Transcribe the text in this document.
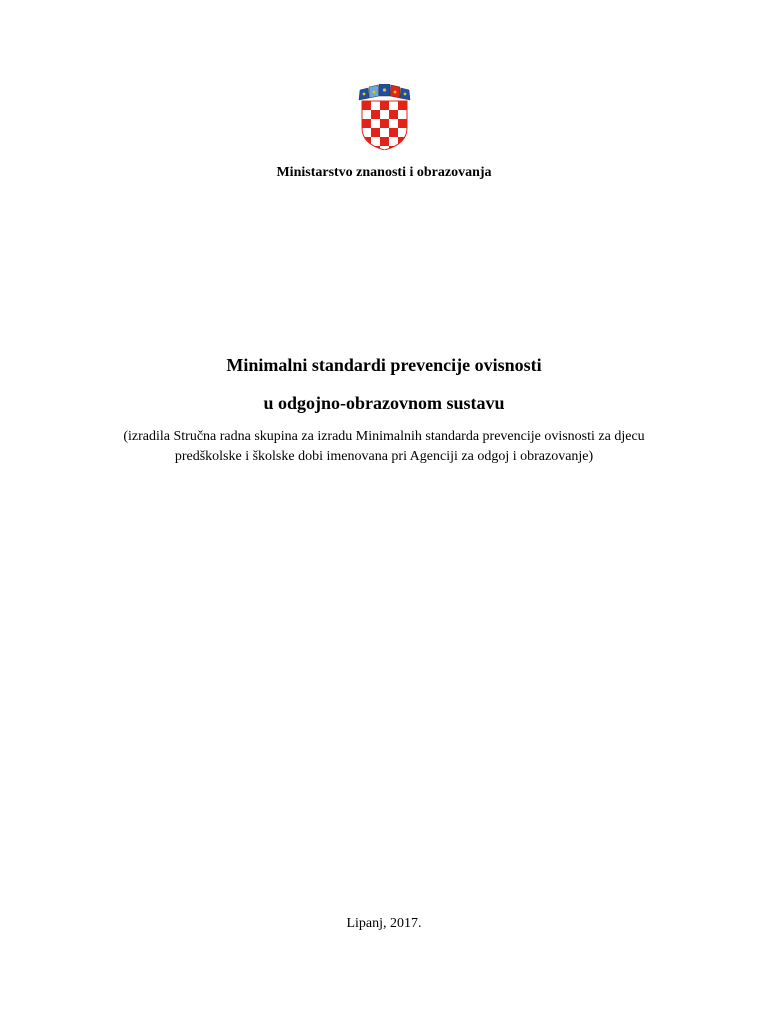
Ministarstvo znanosti i obrazovanja
Minimalni standardi prevencije ovisnosti
u odgojno-obrazovnom sustavu
(izradila Stručna radna skupina za izradu Minimalnih standarda prevencije ovisnosti za djecu
predškolske i školske dobi imenovana pri Agenciji za odgoj i obrazovanje)
Lipanj, 2017.
